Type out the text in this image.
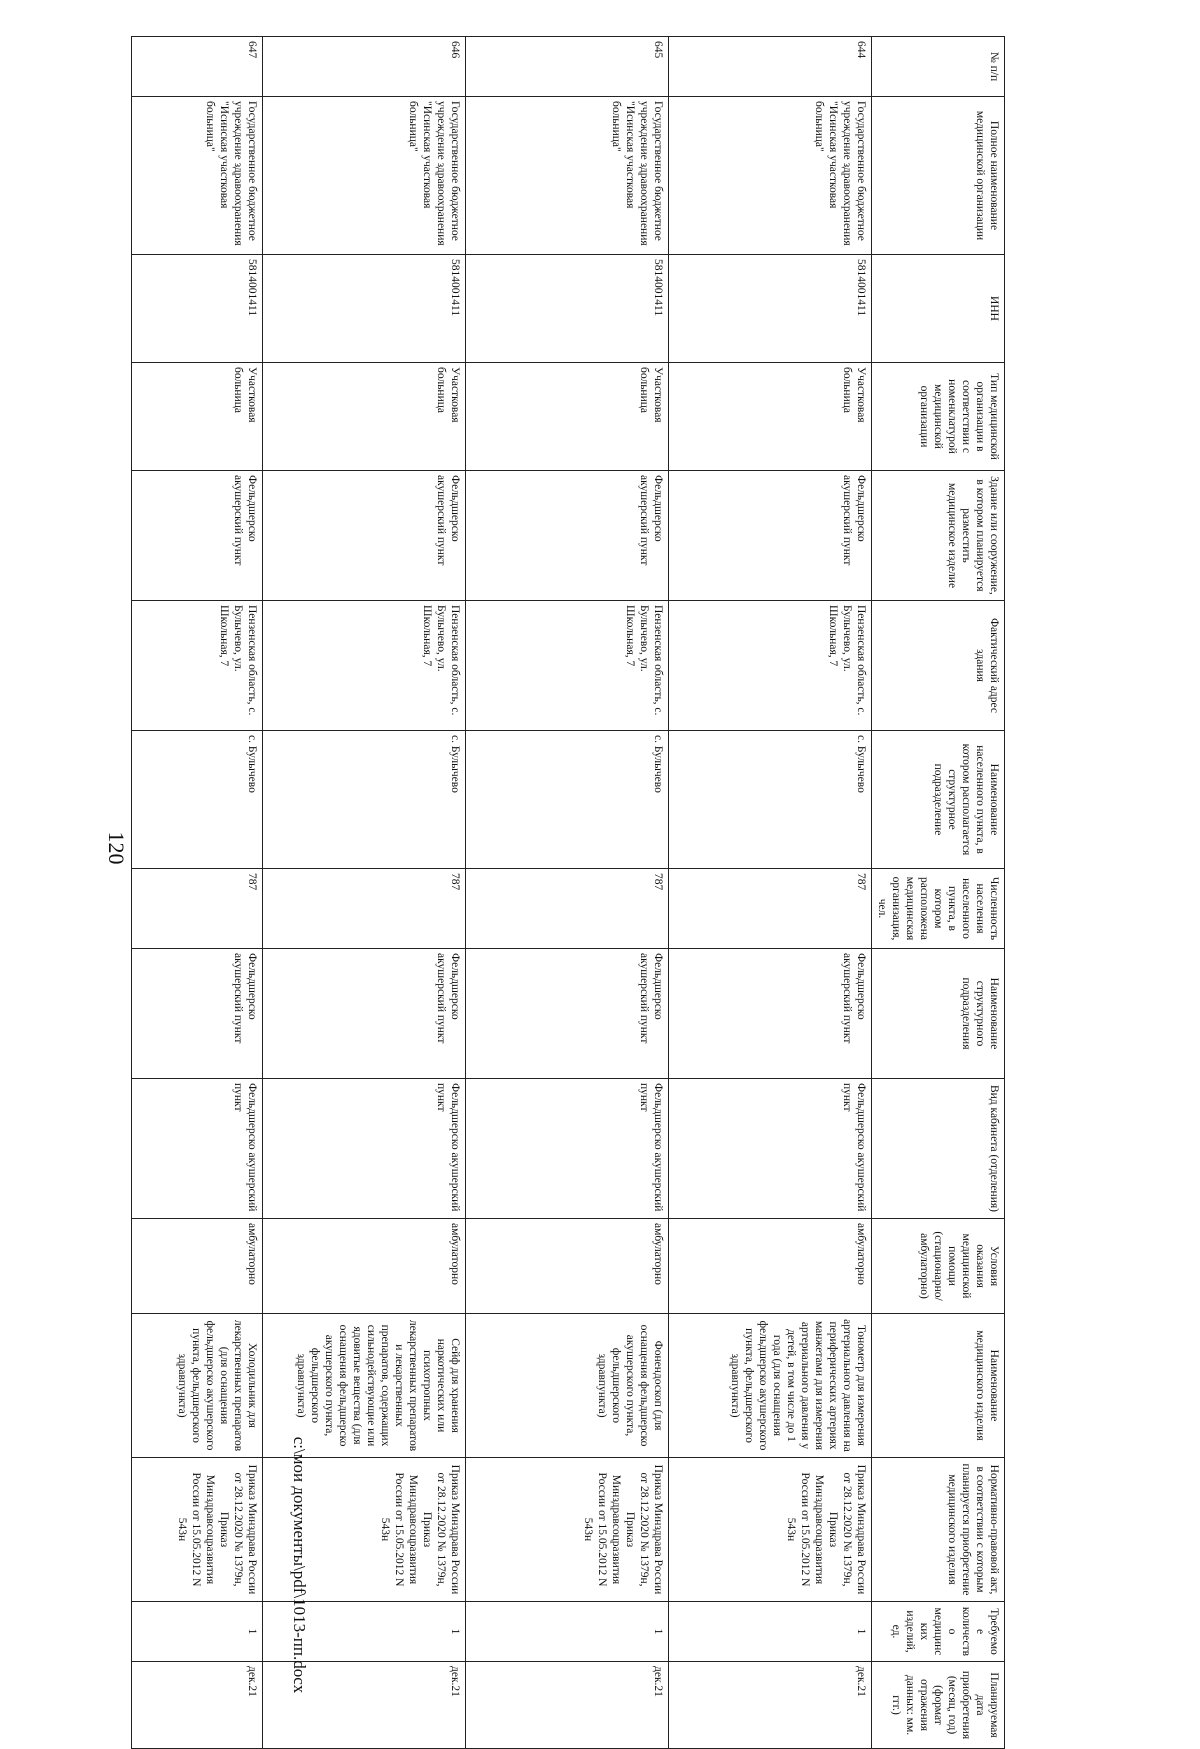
120
№ п/п	Полное наименование медицинской организации	ИНН	Тип медицинской организации в соответствии с номенклатурой медицинской организации	Здание или сооружение, в котором планируется разместить медицинское изделие	Фактический адрес здания	Наименование населенного пункта, в котором располагается структурное подразделение	Численность населения населенного пункта, в котором расположена медицинская организация, чел.	Наименование структурного подразделения	Вид кабинета (отделения)	Условия оказания медицинской помощи (стационарно/ амбулаторно)	Наименование медицинского изделия	Нормативно-правовой акт, в соответствии с которым планируется приобретение медицинского изделия	Требуемое количество медицинских изделий, ед.	Планируемая дата приобретения (месяц, год) (формат отражения данных: мм. ггг.)
644	Государственное бюджетное учреждение здравоохранения "Исинская участковая больница"	5814001411	Участковая больница	Фельдшерско акушерский пункт	Пензенская область, с. Булычево, ул. Школьная, 7	с. Булычево	787	Фельдшерско акушерский пункт	Фельдшерско акушерский пункт	амбулаторно	Тонометр для измерения артериального давления на периферических артериях манжетами для измерения артериального давления у детей, в том числе до 1 года (для оснащения фельдшерско акушерского пункта, фельдшерского здравпункта)	Приказ Минздрава России от 28.12.2020 № 1379н, Приказ Минздравсоцразвития России от 15.05.2012 N 543н	1	дек.21
645	Государственное бюджетное учреждение здравоохранения "Исинская участковая больница"	5814001411	Участковая больница	Фельдшерско акушерский пункт	Пензенская область, с. Булычево, ул. Школьная, 7	с. Булычево	787	Фельдшерско акушерский пункт	Фельдшерско акушерский пункт	амбулаторно	Фонендоскоп (для оснащения фельдшерско акушерского пункта, фельдшерского здравпункта)	Приказ Минздрава России от 28.12.2020 № 1379н, Приказ Минздравсоцразвития России от 15.05.2012 N 543н	1	дек.21
646	Государственное бюджетное учреждение здравоохранения "Исинская участковая больница"	5814001411	Участковая больница	Фельдшерско акушерский пункт	Пензенская область, с. Булычево, ул. Школьная, 7	с. Булычево	787	Фельдшерско акушерский пункт	Фельдшерско акушерский пункт	амбулаторно	Сейф для хранения наркотических или психотропных лекарственных препаратов и лекарственных препаратов, содержащих сильнодействующие или ядовитые вещества (для оснащения фельдшерско акушерского пункта, фельдшерского здравпункта)	Приказ Минздрава России от 28.12.2020 № 1379н, Приказ Минздравсоцразвития России от 15.05.2012 N 543н	1	дек.21
647	Государственное бюджетное учреждение здравоохранения "Исинская участковая больница"	5814001411	Участковая больница	Фельдшерско акушерский пункт	Пензенская область, с. Булычево, ул. Школьная, 7	с. Булычево	787	Фельдшерско акушерский пункт	Фельдшерско акушерский пункт	амбулаторно	Холодильник для лекарственных препаратов (для оснащения фельдшерско акушерского пункта, фельдшерского здравпункта)	Приказ Минздрава России от 28.12.2020 № 1379н, Приказ Минздравсоцразвития России от 15.05.2012 N 543н	1	дек.21	c:\мои документы\pdf\1013-пп.docx
